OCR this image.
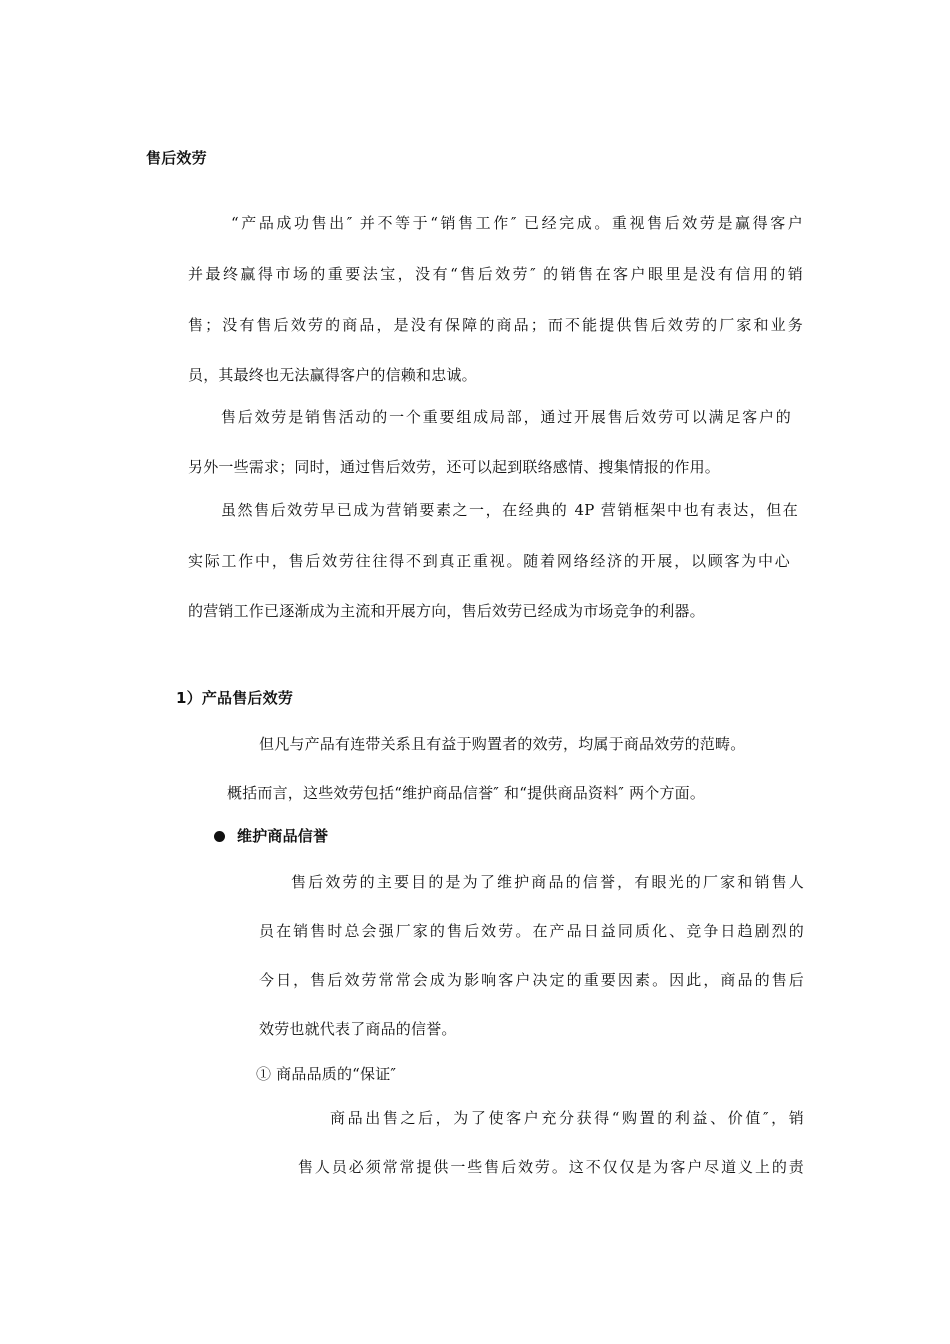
售后效劳
“产品成功售出″ 并不等于“销售工作″ 已经完成。重视售后效劳是赢得客户
并最终赢得市场的重要法宝，没有“售后效劳″ 的销售在客户眼里是没有信用的销
售；没有售后效劳的商品，是没有保障的商品；而不能提供售后效劳的厂家和业务
员，其最终也无法赢得客户的信赖和忠诚。
售后效劳是销售活动的一个重要组成局部，通过开展售后效劳可以满足客户的
另外一些需求；同时，通过售后效劳，还可以起到联络感情、搜集情报的作用。
虽然售后效劳早已成为营销要素之一，在经典的 4P 营销框架中也有表达，但在
实际工作中，售后效劳往往得不到真正重视。随着网络经济的开展，以顾客为中心
的营销工作已逐渐成为主流和开展方向，售后效劳已经成为市场竞争的利器。
1）产品售后效劳
但凡与产品有连带关系且有益于购置者的效劳，均属于商品效劳的范畴。
概括而言，这些效劳包括“维护商品信誉″ 和“提供商品资料″ 两个方面。
维护商品信誉
售后效劳的主要目的是为了维护商品的信誉，有眼光的厂家和销售人
员在销售时总会强厂家的售后效劳。在产品日益同质化、竞争日趋剧烈的
今日，售后效劳常常会成为影响客户决定的重要因素。因此，商品的售后
效劳也就代表了商品的信誉。
① 商品品质的“保证″
商品出售之后，为了使客户充分获得“购置的利益、价值″，销
售人员必须常常提供一些售后效劳。这不仅仅是为客户尽道义上的责
